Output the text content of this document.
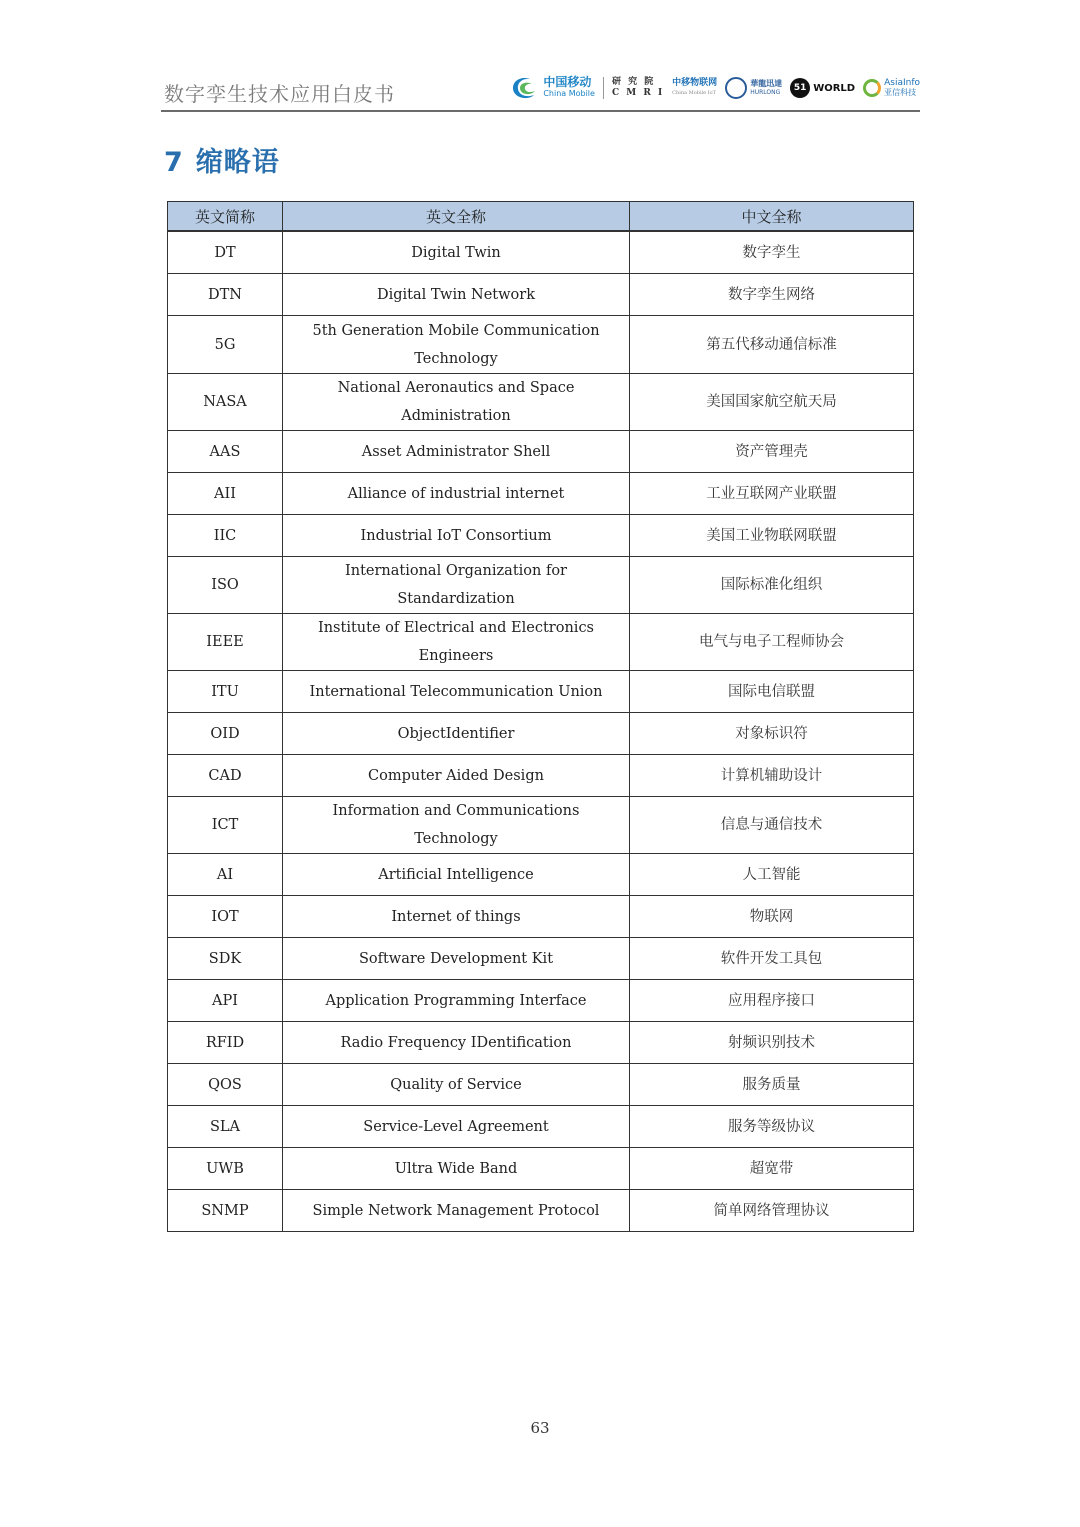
数字孪生技术应用白皮书	中国移动
China Mobile
研 究 院
C M R I
中移物联网
China Mobile IoT
華龍迅達
HURLONG	51 WORLD	AsiaInfo
亚信科技
7 缩略语
英文简称	英文全称	中文全称
DT	Digital Twin	数字孪生
DTN	Digital Twin Network	数字孪生网络
5G	5th Generation Mobile Communication Technology	第五代移动通信标准
NASA	National Aeronautics and Space Administration	美国国家航空航天局
AAS	Asset Administrator Shell	资产管理壳
AII	Alliance of industrial internet	工业互联网产业联盟
IIC	Industrial IoT Consortium	美国工业物联网联盟
ISO	International Organization for Standardization	国际标准化组织
IEEE	Institute of Electrical and Electronics Engineers	电气与电子工程师协会
ITU	International Telecommunication Union	国际电信联盟
OID	ObjectIdentifier	对象标识符
CAD	Computer Aided Design	计算机辅助设计
ICT	Information and Communications Technology	信息与通信技术
AI	Artificial Intelligence	人工智能
IOT	Internet of things	物联网
SDK	Software Development Kit	软件开发工具包
API	Application Programming Interface	应用程序接口
RFID	Radio Frequency IDentification	射频识别技术
QOS	Quality of Service	服务质量
SLA	Service-Level Agreement	服务等级协议
UWB	Ultra Wide Band	超宽带
SNMP	Simple Network Management Protocol	简单网络管理协议
63
